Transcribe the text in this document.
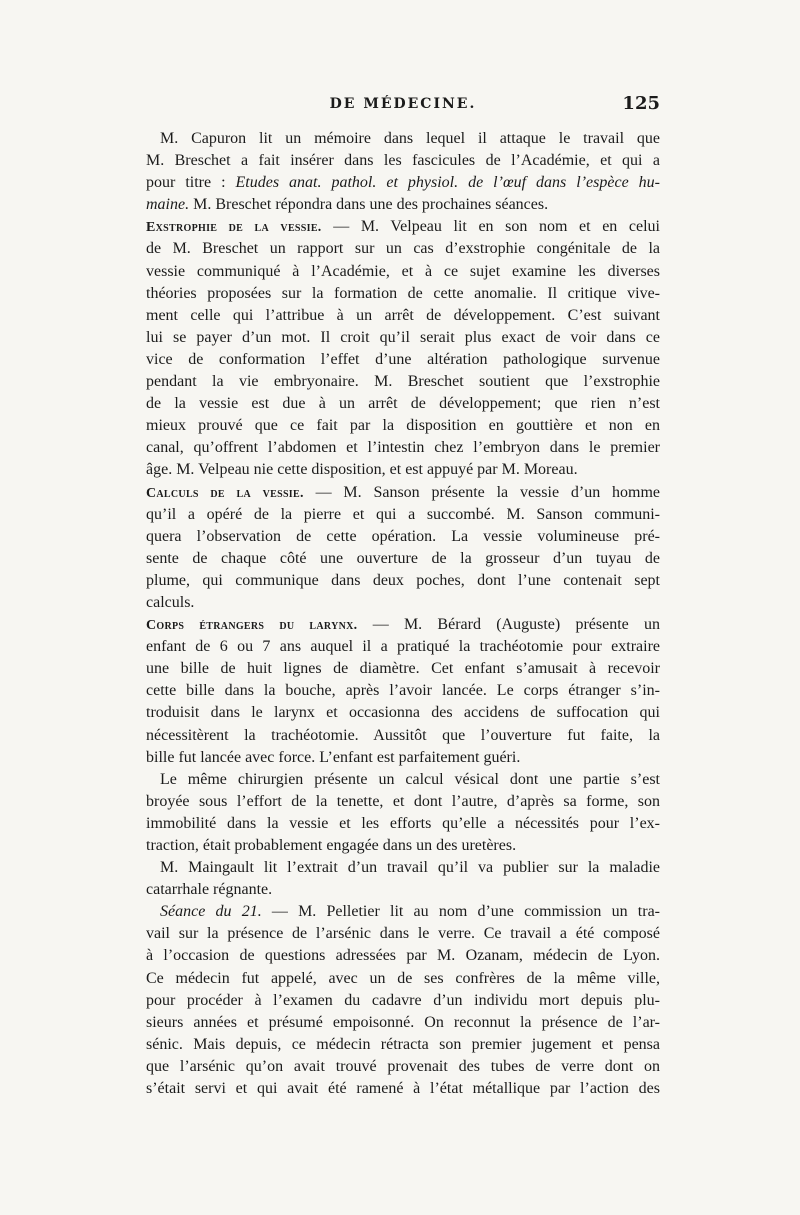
DE MÉDECINE.	125
M. Capuron lit un mémoire dans lequel il attaque le travail que
M. Breschet a fait insérer dans les fascicules de l’Académie, et qui a
pour titre : Etudes anat. pathol. et physiol. de l’œuf dans l’espèce hu-
maine. M. Breschet répondra dans une des prochaines séances.
Exstrophie de la vessie. — M. Velpeau lit en son nom et en celui
de M. Breschet un rapport sur un cas d’exstrophie congénitale de la
vessie communiqué à l’Académie, et à ce sujet examine les diverses
théories proposées sur la formation de cette anomalie. Il critique vive-
ment celle qui l’attribue à un arrêt de développement. C’est suivant
lui se payer d’un mot. Il croit qu’il serait plus exact de voir dans ce
vice de conformation l’effet d’une altération pathologique survenue
pendant la vie embryonaire. M. Breschet soutient que l’exstrophie
de la vessie est due à un arrêt de développement; que rien n’est
mieux prouvé que ce fait par la disposition en gouttière et non en
canal, qu’offrent l’abdomen et l’intestin chez l’embryon dans le premier
âge. M. Velpeau nie cette disposition, et est appuyé par M. Moreau.
Calculs de la vessie. — M. Sanson présente la vessie d’un homme
qu’il a opéré de la pierre et qui a succombé. M. Sanson communi-
quera l’observation de cette opération. La vessie volumineuse pré-
sente de chaque côté une ouverture de la grosseur d’un tuyau de
plume, qui communique dans deux poches, dont l’une contenait sept
calculs.
Corps étrangers du larynx. — M. Bérard (Auguste) présente un
enfant de 6 ou 7 ans auquel il a pratiqué la trachéotomie pour extraire
une bille de huit lignes de diamètre. Cet enfant s’amusait à recevoir
cette bille dans la bouche, après l’avoir lancée. Le corps étranger s’in-
troduisit dans le larynx et occasionna des accidens de suffocation qui
nécessitèrent la trachéotomie. Aussitôt que l’ouverture fut faite, la
bille fut lancée avec force. L’enfant est parfaitement guéri.
Le même chirurgien présente un calcul vésical dont une partie s’est
broyée sous l’effort de la tenette, et dont l’autre, d’après sa forme, son
immobilité dans la vessie et les efforts qu’elle a nécessités pour l’ex-
traction, était probablement engagée dans un des uretères.
M. Maingault lit l’extrait d’un travail qu’il va publier sur la maladie
catarrhale régnante.
Séance du 21. — M. Pelletier lit au nom d’une commission un tra-
vail sur la présence de l’arsénic dans le verre. Ce travail a été composé
à l’occasion de questions adressées par M. Ozanam, médecin de Lyon.
Ce médecin fut appelé, avec un de ses confrères de la même ville,
pour procéder à l’examen du cadavre d’un individu mort depuis plu-
sieurs années et présumé empoisonné. On reconnut la présence de l’ar-
sénic. Mais depuis, ce médecin rétracta son premier jugement et pensa
que l’arsénic qu’on avait trouvé provenait des tubes de verre dont on
s’était servi et qui avait été ramené à l’état métallique par l’action des
